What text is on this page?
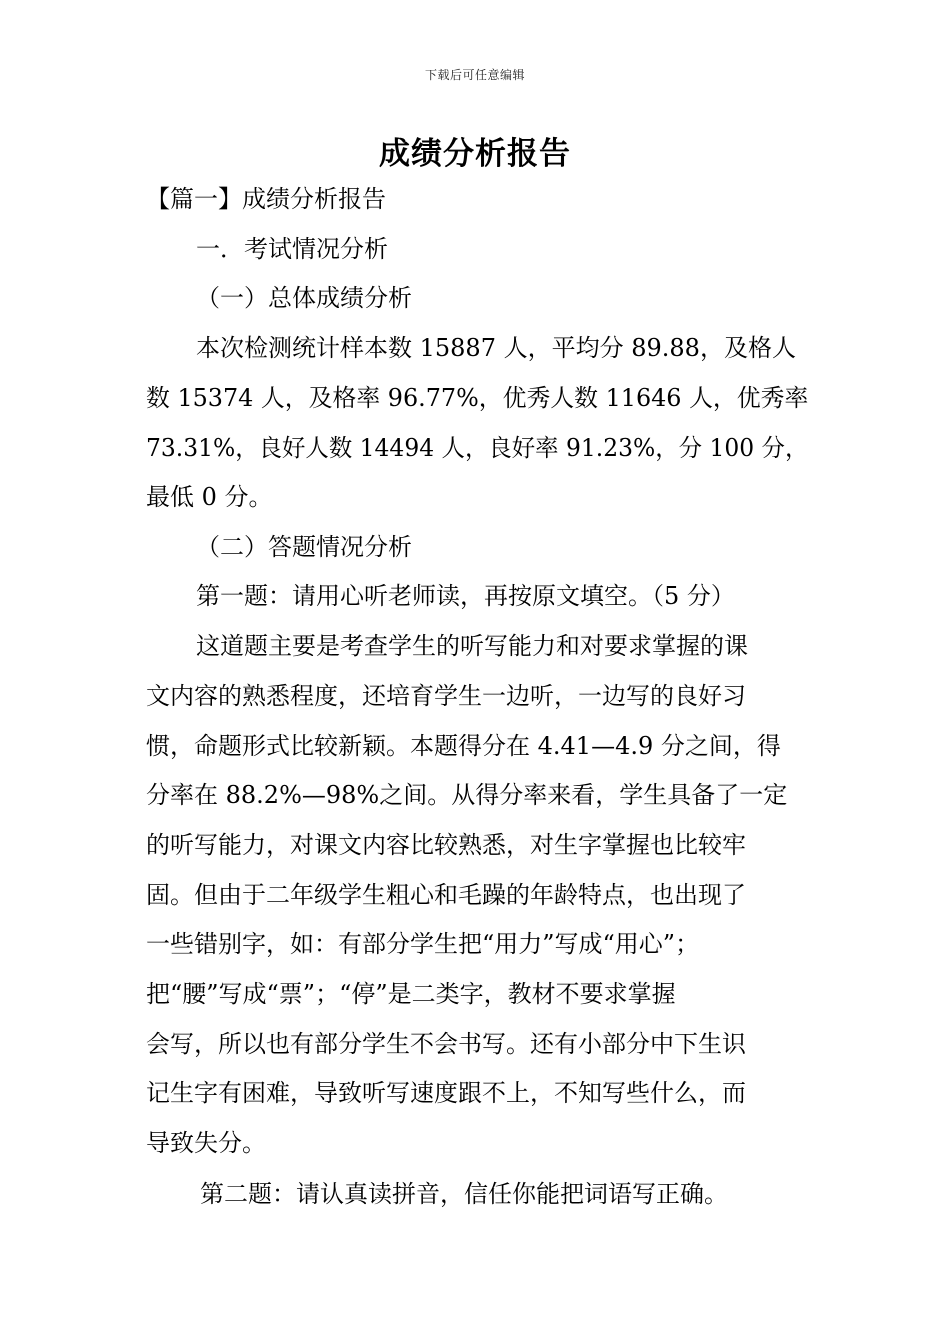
下载后可任意编辑
成绩分析报告
【篇一】成绩分析报告
一．考试情况分析
（一）总体成绩分析
本次检测统计样本数 15887 人，平均分 89.88，及格人
数 15374 人，及格率 96.77%，优秀人数 11646 人，优秀率
73.31%，良好人数 14494 人，良好率 91.23%，分 100 分，
最低 0 分。
（二）答题情况分析
第一题：请用心听老师读，再按原文填空。（5 分）
这道题主要是考查学生的听写能力和对要求掌握的课
文内容的熟悉程度，还培育学生一边听，一边写的良好习
惯，命题形式比较新颖。本题得分在 4.41—4.9 分之间，得
分率在 88.2%—98%之间。从得分率来看，学生具备了一定
的听写能力，对课文内容比较熟悉，对生字掌握也比较牢
固。但由于二年级学生粗心和毛躁的年龄特点，也出现了
一些错别字，如：有部分学生把“用力”写成“用心”；
把“腰”写成“票”；“停”是二类字，教材不要求掌握
会写，所以也有部分学生不会书写。还有小部分中下生识
记生字有困难，导致听写速度跟不上，不知写些什么，而
导致失分。
第二题：请认真读拼音，信任你能把词语写正确。
